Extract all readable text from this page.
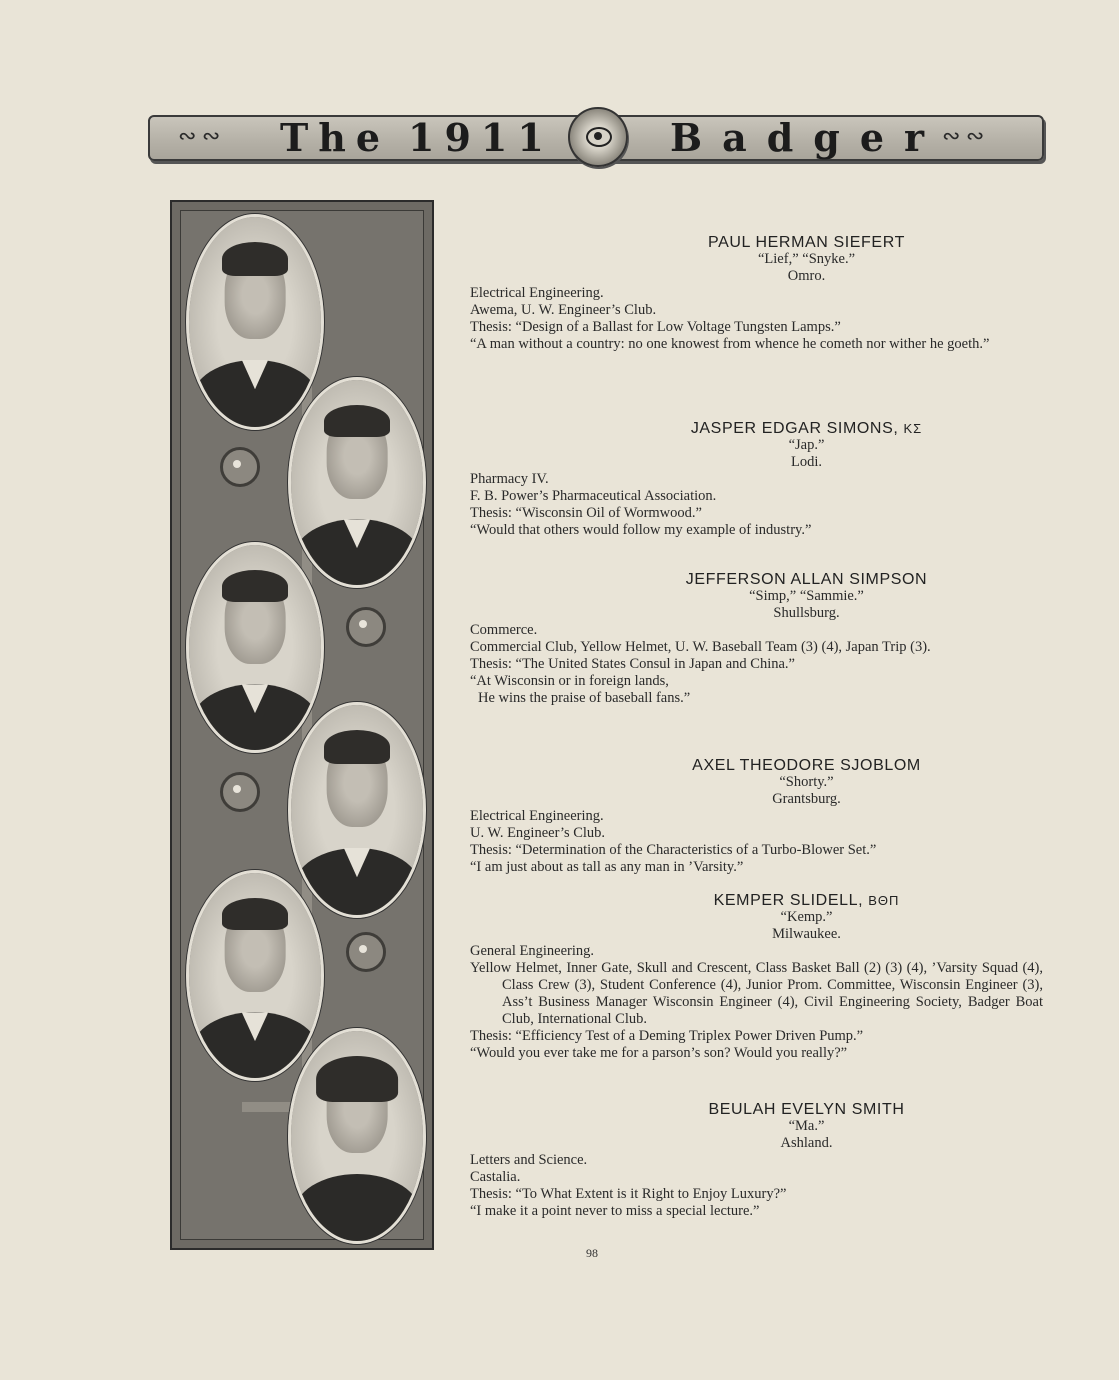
∾ ∾ The 1911	Badger
∾ ∾
PAUL HERMAN SIEFERT
“Lief,” “Snyke.”
Omro.
Electrical Engineering.
Awema, U. W. Engineer’s Club.
Thesis: “Design of a Ballast for Low Voltage Tungsten Lamps.”
“A man without a country: no one knowest from whence he cometh nor wither he goeth.”
JASPER EDGAR SIMONS, ΚΣ
“Jap.”
Lodi.
Pharmacy IV.
F. B. Power’s Pharmaceutical Association.
Thesis: “Wisconsin Oil of Wormwood.”
“Would that others would follow my example of industry.”
JEFFERSON ALLAN SIMPSON
“Simp,” “Sammie.”
Shullsburg.
Commerce.
Commercial Club, Yellow Helmet, U. W. Baseball Team (3) (4), Japan Trip (3).
Thesis: “The United States Consul in Japan and China.”
“At Wisconsin or in foreign lands,
He wins the praise of baseball fans.”
AXEL THEODORE SJOBLOM
“Shorty.”
Grantsburg.
Electrical Engineering.
U. W. Engineer’s Club.
Thesis: “Determination of the Characteristics of a Turbo-Blower Set.”
“I am just about as tall as any man in ’Varsity.”
KEMPER SLIDELL, ΒΘΠ
“Kemp.”
Milwaukee.
General Engineering.
Yellow Helmet, Inner Gate, Skull and Crescent, Class Basket Ball (2) (3) (4), ’Varsity Squad (4), Class Crew (3), Student Conference (4), Junior Prom. Committee, Wisconsin Engineer (3), Ass’t Business Manager Wisconsin Engineer (4), Civil Engineering Society, Badger Boat Club, International Club.
Thesis: “Efficiency Test of a Deming Triplex Power Driven Pump.”
“Would you ever take me for a parson’s son? Would you really?”
BEULAH EVELYN SMITH
“Ma.”
Ashland.
Letters and Science.
Castalia.
Thesis: “To What Extent is it Right to Enjoy Luxury?”
“I make it a point never to miss a special lecture.”
98
